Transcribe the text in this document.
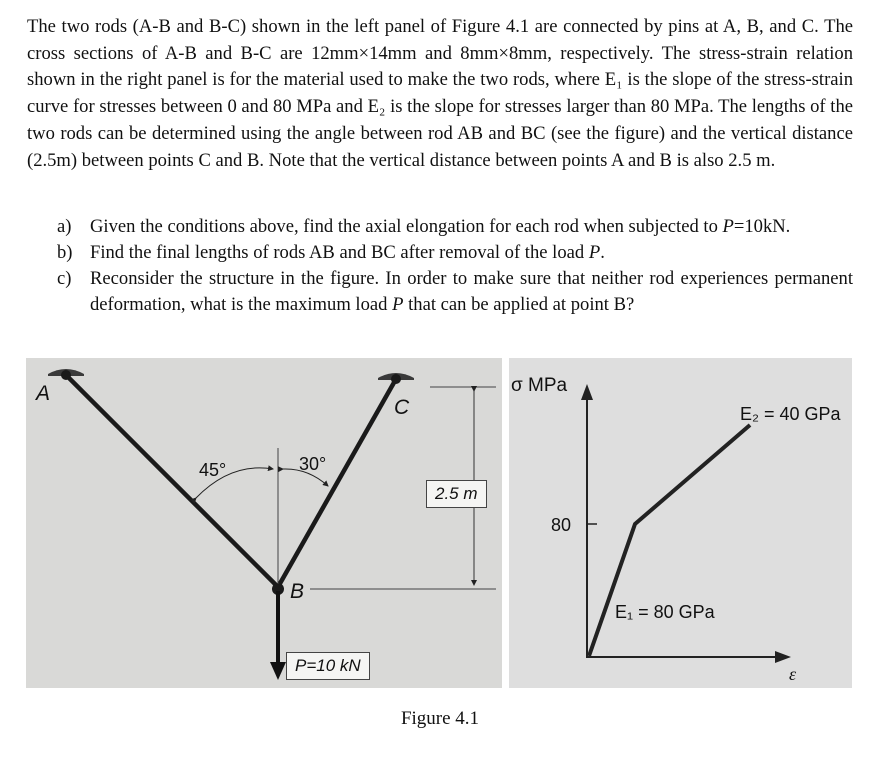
The two rods (A-B and B-C) shown in the left panel of Figure 4.1 are connected by pins at A, B, and C. The cross sections of A-B and B-C are 12mm×14mm and 8mm×8mm, respectively. The stress-strain relation shown in the right panel is for the material used to make the two rods, where E₁ is the slope of the stress-strain curve for stresses between 0 and 80 MPa and E₂ is the slope for stresses larger than 80 MPa. The lengths of the two rods can be determined using the angle between rod AB and BC (see the figure) and the vertical distance (2.5m) between points C and B. Note that the vertical distance between points A and B is also 2.5 m.
a) Given the conditions above, find the axial elongation for each rod when subjected to P=10kN.
b) Find the final lengths of rods AB and BC after removal of the load P.
c) Reconsider the structure in the figure. In order to make sure that neither rod experiences permanent deformation, what is the maximum load P that can be applied at point B?
A
C
B
45°	30°
2.5 m
P=10 kN
σ MPa
80
E₂ = 40 GPa
E₁ = 80 GPa
ε
Figure 4.1
